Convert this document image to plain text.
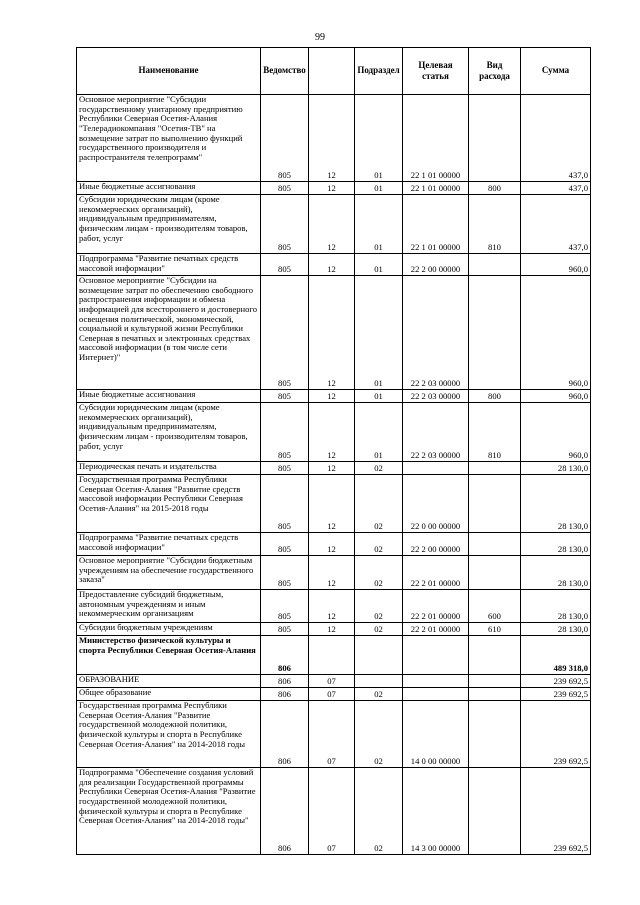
99
Наименование	Ведомство		Подраздел	Целевая статья	Вид расхода	Сумма
Основное мероприятие "Субсидии государственному унитарному предприятию Республики Северная Осетия-Алания "Телерадиокомпания "Осетия-ТВ" на возмещение затрат по выполнению функций государственного производителя и распространителя телепрограмм"	805	12	01	22 1 01 00000		437,0
Иные бюджетные ассигнования	805	12	01	22 1 01 00000	800	437,0
Субсидии юридическим лицам (кроме некоммерческих организаций), индивидуальным предпринимателям, физическим лицам - производителям товаров, работ, услуг	805	12	01	22 1 01 00000	810	437,0
Подпрограмма "Развитие печатных средств массовой информации"	805	12	01	22 2 00 00000		960,0
Основное мероприятие "Субсидии на возмещение затрат по обеспечению свободного распространения информации и обмена информацией для всестороннего и достоверного освещения политической, экономической, социальной и культурной жизни Республики Северная в печатных и электронных средствах массовой информации (в том числе сети Интернет)"	805	12	01	22 2 03 00000		960,0
Иные бюджетные ассигнования	805	12	01	22 2 03 00000	800	960,0
Субсидии юридическим лицам (кроме некоммерческих организаций), индивидуальным предпринимателям, физическим лицам - производителям товаров, работ, услуг	805	12	01	22 2 03 00000	810	960,0
Периодическая печать и издательства	805	12	02			28 130,0
Государственная программа Республики Северная Осетия-Алания "Развитие средств массовой информации Республики Северная Осетия-Алания" на 2015-2018 годы	805	12	02	22 0 00 00000		28 130,0
Подпрограмма "Развитие печатных средств массовой информации"	805	12	02	22 2 00 00000		28 130,0
Основное мероприятие "Субсидии бюджетным учреждениям на обеспечение государственного заказа"	805	12	02	22 2 01 00000		28 130,0
Предоставление субсидий бюджетным, автономным учреждениям и иным некоммерческим организациям	805	12	02	22 2 01 00000	600	28 130,0
Субсидии бюджетным учреждениям	805	12	02	22 2 01 00000	610	28 130,0
Министерство физической культуры и спорта Республики Северная Осетия-Алания	806					489 318,0
ОБРАЗОВАНИЕ	806	07				239 692,5
Общее образование	806	07	02			239 692,5
Государственная программа Республики Северная Осетия-Алания "Развитие государственной молодежной политики, физической культуры и спорта в Республике Северная Осетия-Алания" на 2014-2018 годы	806	07	02	14 0 00 00000		239 692,5
Подпрограмма "Обеспечение создания условий для реализации Государственной программы Республики Северная Осетия-Алания "Развитие государственной молодежной политики, физической культуры и спорта в Республике Северная Осетия-Алания" на 2014-2018 годы"	806	07	02	14 3 00 00000		239 692,5
